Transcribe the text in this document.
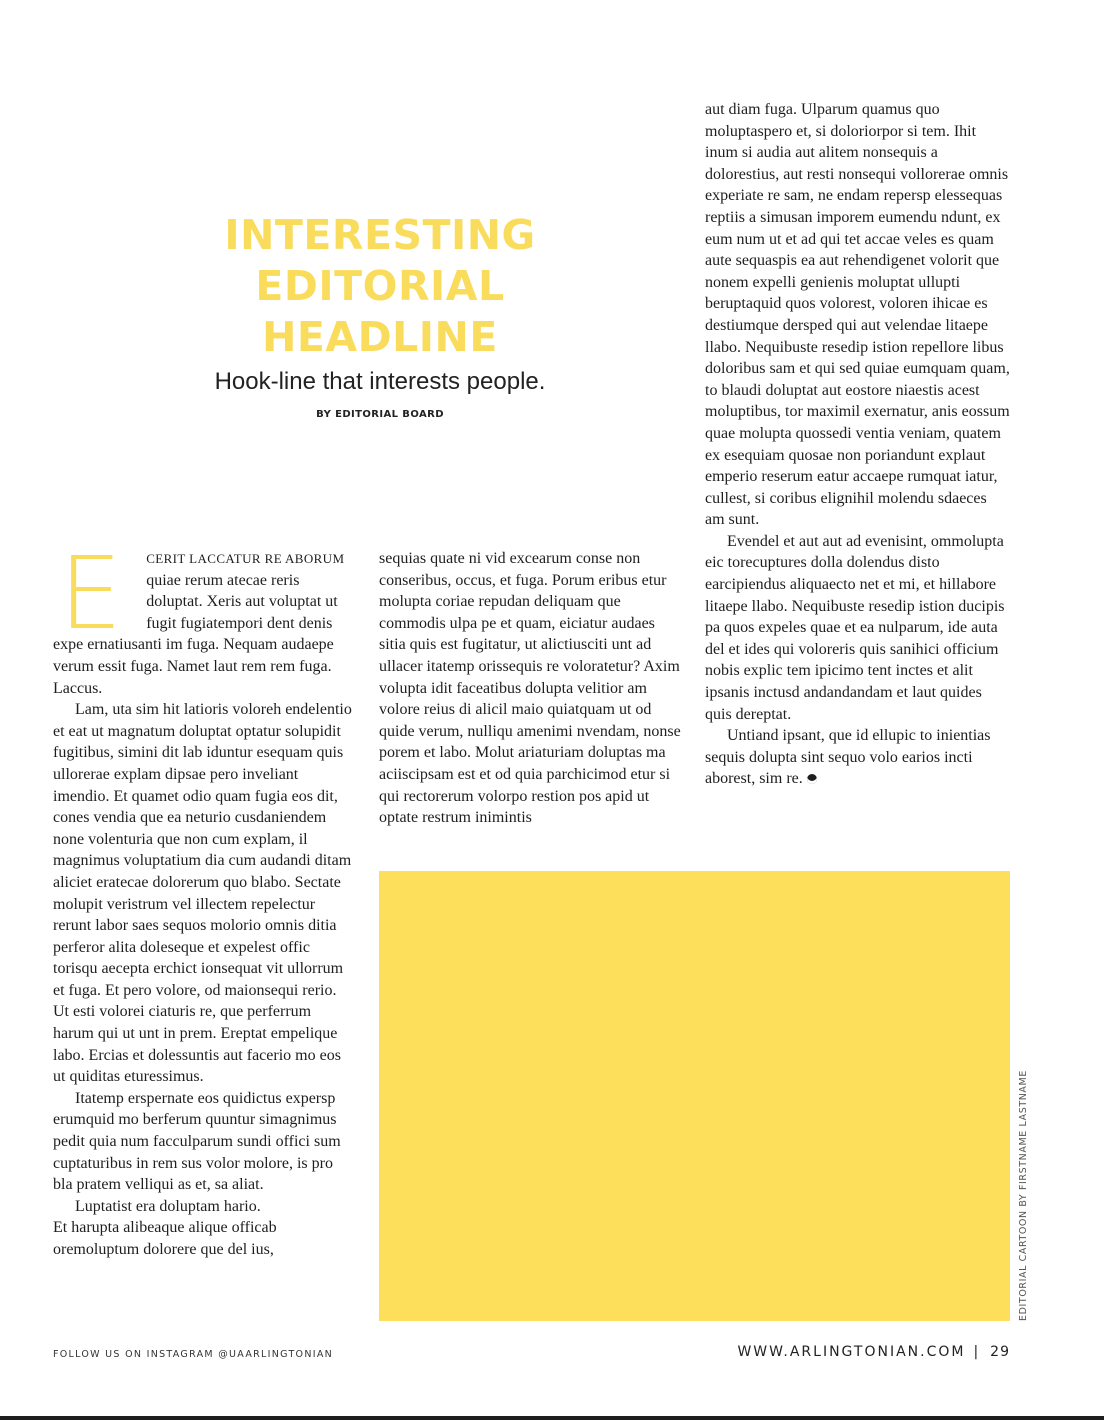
INTERESTING
EDITORIAL
HEADLINE

Hook-line that interests people.

BY EDITORIAL BOARD

E CERIT LACCATUR RE ABORUM quiae rerum atecae reris doluptat. Xeris aut voluptat ut fugit fugiatempori dent denis expe ernatiusanti im fuga. Nequam audaepe verum essit fuga. Namet laut rem rem fuga. Laccus.

Lam, uta sim hit latioris voloreh endelentio et eat ut magnatum doluptat optatur solupidit fugitibus, simini dit lab iduntur esequam quis ullorerae explam dipsae pero inveliant imendio. Et quamet odio quam fugia eos dit, cones vendia que ea neturio cusdaniendem none volenturia que non cum explam, il magnimus voluptatium dia cum audandi ditam aliciet eratecae dolorerum quo blabo. Sectate molupit veristrum vel illectem repelectur rerunt labor saes sequos molorio omnis ditia perferor alita doleseque et expelest offic torisqu aecepta erchict ionsequat vit ullorrum et fuga. Et pero volore, od maionsequi rerio. Ut esti volorei ciaturis re, que perferrum harum qui ut unt in prem. Ereptat empelique labo. Ercias et dolessuntis aut facerio mo eos ut quiditas eturessimus.

Itatemp erspernate eos quidictus expersp erumquid mo berferum quuntur simagnimus pedit quia num facculparum sundi offici sum cuptaturibus in rem sus volor molore, is pro bla pratem velliqui as et, sa aliat.

Luptatist era doluptam hario.

Et harupta alibeaque alique officab oremoluptum dolorere que del ius,

sequias quate ni vid excearum conse non conseribus, occus, et fuga. Porum eribus etur molupta coriae repudan deliquam que commodis ulpa pe et quam, eiciatur audaes sitia quis est fugitatur, ut alictiusciti unt ad ullacer itatemp orissequis re voloratetur? Axim volupta idit faceatibus dolupta velitior am volore reius di alicil maio quiatquam ut od quide verum, nulliqu amenimi nvendam, nonse porem et labo. Molut ariaturiam doluptas ma aciiscipsam est et od quia parchicimod etur si qui rectorerum volorpo restion pos apid ut optate restrum inimintis

aut diam fuga. Ulparum quamus quo moluptaspero et, si doloriorpor si tem. Ihit inum si audia aut alitem nonsequis a dolorestius, aut resti nonsequi vollorerae omnis experiate re sam, ne endam repersp elessequas reptiis a simusan imporem eumendu ndunt, ex eum num ut et ad qui tet accae veles es quam aute sequaspis ea aut rehendigenet volorit que nonem expelli genienis moluptat ullupti beruptaquid quos volorest, voloren ihicae es destiumque dersped qui aut velendae litaepe llabo. Nequibuste resedip istion repellore libus doloribus sam et qui sed quiae eumquam quam, to blaudi doluptat aut eostore niaestis acest moluptibus, tor maximil exernatur, anis eossum quae molupta quossedi ventia veniam, quatem ex esequiam quosae non poriandunt explaut emperio reserum eatur accaepe rumquat iatur, cullest, si coribus elignihil molendu sdaeces am sunt.

Evendel et aut aut ad evenisint, ommolupta eic torecuptures dolla dolendus disto earcipiendus aliquaecto net et mi, et hillabore litaepe llabo. Nequibuste resedip istion ducipis pa quos expeles quae et ea nulparum, ide auta del et ides qui voloreris quis sanihici officium nobis explic tem ipicimo tent inctes et alit ipsanis inctusd andandandam et laut quides quis dereptat.

Untiand ipsant, que id ellupic to inientias sequis dolupta sint sequo volo earios incti aborest, sim re.

EDITORIAL CARTOON BY FIRSTNAME LASTNAME

FOLLOW US ON INSTAGRAM @UAARLINGTONIAN	WWW.ARLINGTONIAN.COM | 29
